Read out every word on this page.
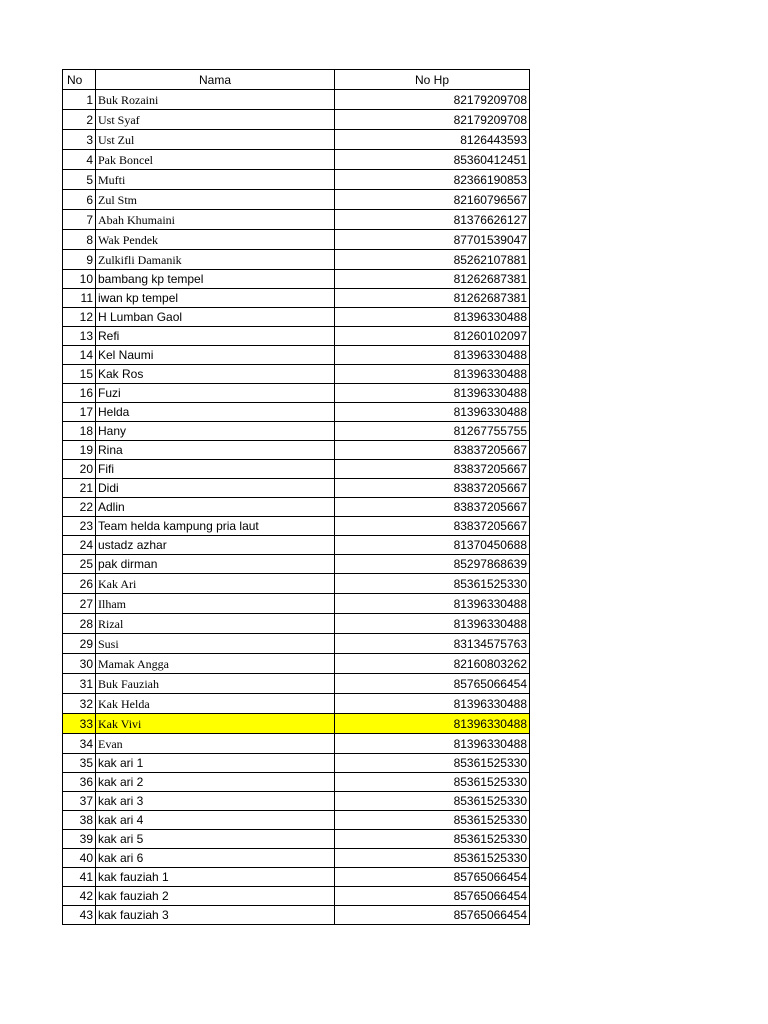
No	Nama	No Hp
1	Buk Rozaini	82179209708
2	Ust Syaf	82179209708
3	Ust Zul	8126443593
4	Pak Boncel	85360412451
5	Mufti	82366190853
6	Zul Stm	82160796567
7	Abah Khumaini	81376626127
8	Wak Pendek	87701539047
9	Zulkifli Damanik	85262107881
10	bambang kp tempel	81262687381
11	iwan kp tempel	81262687381
12	H Lumban Gaol	81396330488
13	Refi	81260102097
14	Kel Naumi	81396330488
15	Kak Ros	81396330488
16	Fuzi	81396330488
17	Helda	81396330488
18	Hany	81267755755
19	Rina	83837205667
20	Fifi	83837205667
21	Didi	83837205667
22	Adlin	83837205667
23	Team helda kampung pria laut	83837205667
24	ustadz azhar	81370450688
25	pak dirman	85297868639
26	Kak Ari	85361525330
27	Ilham	81396330488
28	Rizal	81396330488
29	Susi	83134575763
30	Mamak Angga	82160803262
31	Buk Fauziah	85765066454
32	Kak Helda	81396330488
33	Kak Vivi	81396330488
34	Evan	81396330488
35	kak ari 1	85361525330
36	kak ari 2	85361525330
37	kak ari 3	85361525330
38	kak ari 4	85361525330
39	kak ari 5	85361525330
40	kak ari 6	85361525330
41	kak fauziah 1	85765066454
42	kak fauziah 2	85765066454
43	kak fauziah 3	85765066454
